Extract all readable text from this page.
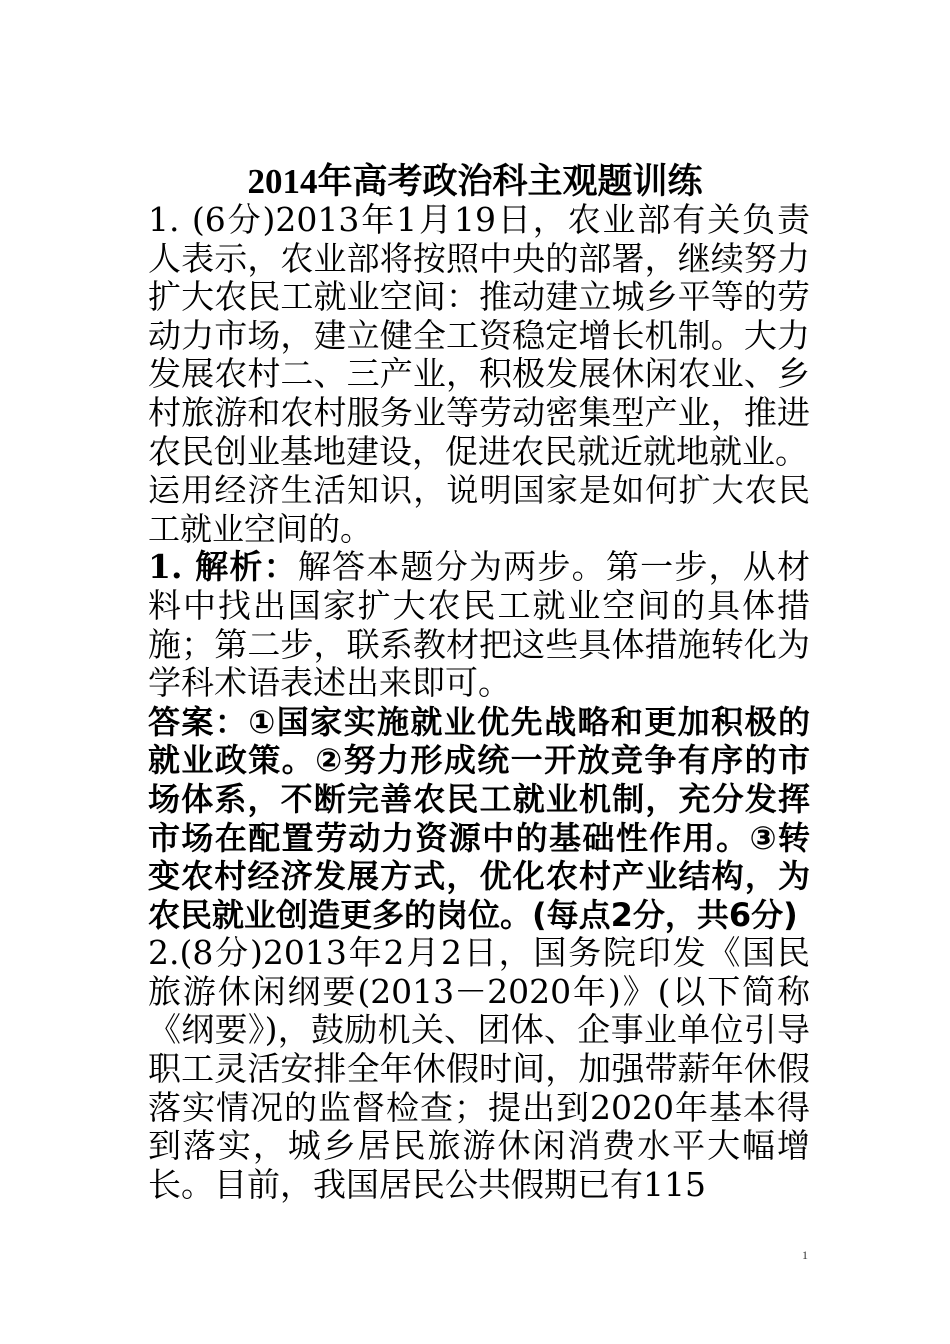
2014年高考政治科主观题训练

1. (6分)2013年1月19日，农业部有关负责人表示，农业部将按照中央的部署，继续努力扩大农民工就业空间：推动建立城乡平等的劳动力市场，建立健全工资稳定增长机制。大力发展农村二、三产业，积极发展休闲农业、乡村旅游和农村服务业等劳动密集型产业，推进农民创业基地建设，促进农民就近就地就业。

运用经济生活知识，说明国家是如何扩大农民工就业空间的。

1. 解析：解答本题分为两步。第一步，从材料中找出国家扩大农民工就业空间的具体措施；第二步，联系教材把这些具体措施转化为学科术语表述出来即可。

答案：①国家实施就业优先战略和更加积极的就业政策。②努力形成统一开放竞争有序的市场体系，不断完善农民工就业机制，充分发挥市场在配置劳动力资源中的基础性作用。③转变农村经济发展方式，优化农村产业结构，为农民就业创造更多的岗位。(每点2分，共6分)

2.(8分)2013年2月2日，国务院印发《国民旅游休闲纲要(2013－2020年)》(以下简称《纲要》)，鼓励机关、团体、企事业单位引导职工灵活安排全年休假时间，加强带薪年休假落实情况的监督检查；提出到2020年基本得到落实，城乡居民旅游休闲消费水平大幅增长。目前，我国居民公共假期已有115

1
